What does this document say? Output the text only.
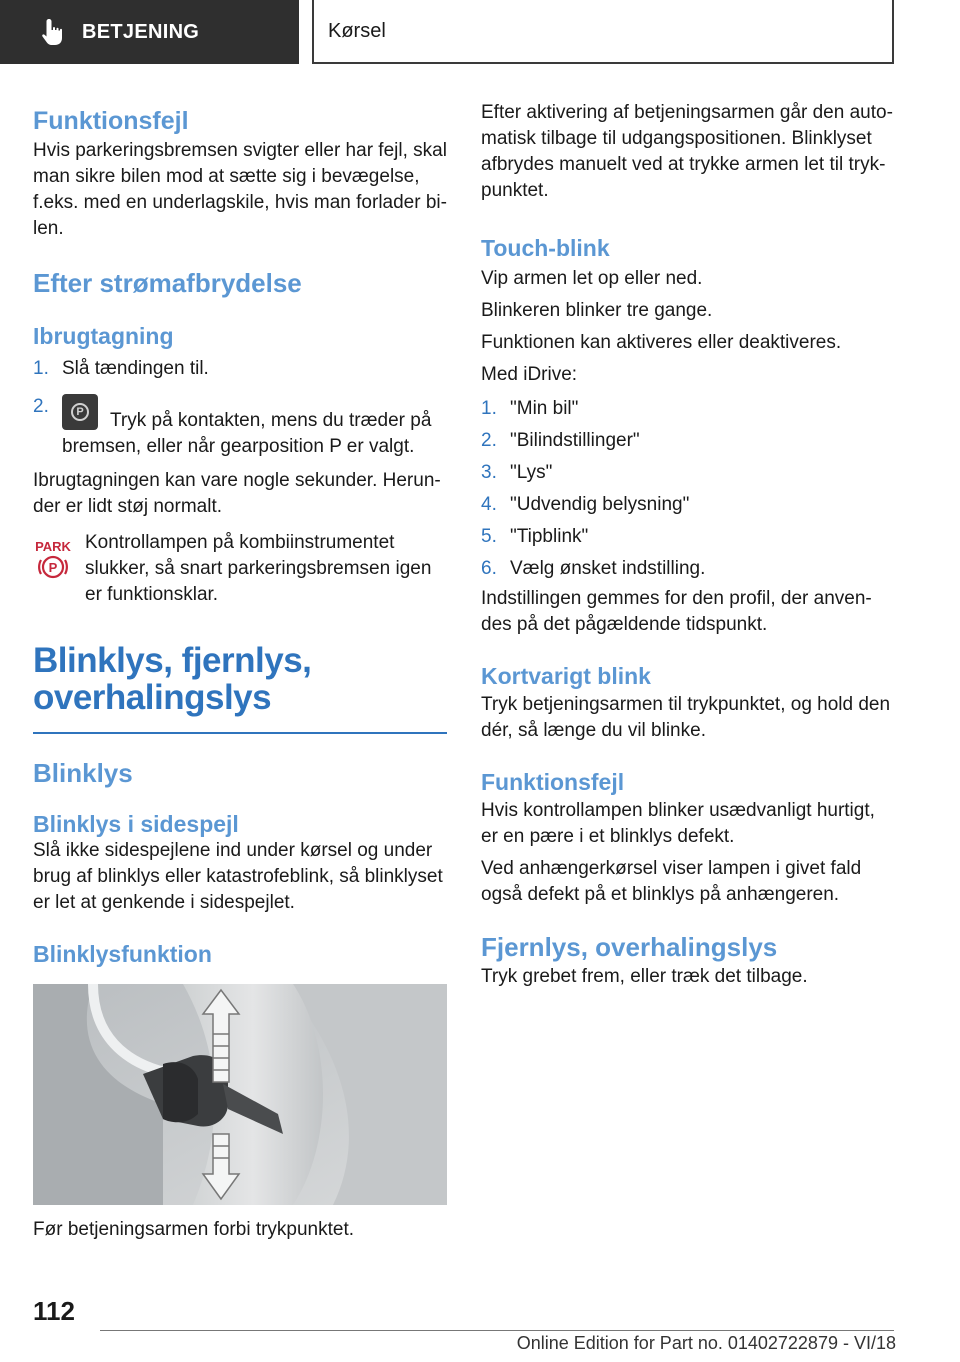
BETJENING	Kørsel
Funktionsfejl

Hvis parkeringsbremsen svigter eller har fejl, skal man sikre bilen mod at sætte sig i bevægelse, f.eks. med en underlagskile, hvis man forlader bi-len.

Efter strømafbrydelse
Ibrugtagning
1. Slå tændingen til.
2.	P	Tryk på kontakten, mens du træder på bremsen, eller når gearposition P er valgt.

Ibrugtagningen kan vare nogle sekunder. Herun-der er lidt støj normalt.

PARK
P

Kontrollampen på kombiinstrumentet slukker, så snart parkeringsbremsen igen er funktionsklar.

Blinklys, fjernlys,
overhalingslys
Blinklys
Blinklys i sidespejl

Slå ikke sidespejlene ind under kørsel og under brug af blinklys eller katastrofeblink, så blinklyset er let at genkende i sidespejlet.

Blinklysfunktion

Før betjeningsarmen forbi trykpunktet.

Efter aktivering af betjeningsarmen går den auto-matisk tilbage til udgangspositionen. Blinklyset afbrydes manuelt ved at trykke armen let til tryk-punktet.

Touch-blink

Vip armen let op eller ned.

Blinkeren blinker tre gange.

Funktionen kan aktiveres eller deaktiveres.

Med iDrive:

1. "Min bil"
2. "Bilindstillinger"
3. "Lys"
4. "Udvendig belysning"
5. "Tipblink"
6. Vælg ønsket indstilling.

Indstillingen gemmes for den profil, der anven-des på det pågældende tidspunkt.

Kortvarigt blink

Tryk betjeningsarmen til trykpunktet, og hold den dér, så længe du vil blinke.

Funktionsfejl

Hvis kontrollampen blinker usædvanligt hurtigt, er en pære i et blinklys defekt.

Ved anhængerkørsel viser lampen i givet fald også defekt på et blinklys på anhængeren.

Fjernlys, overhalingslys

Tryk grebet frem, eller træk det tilbage.

112
Online Edition for Part no. 01402722879 - VI/18
